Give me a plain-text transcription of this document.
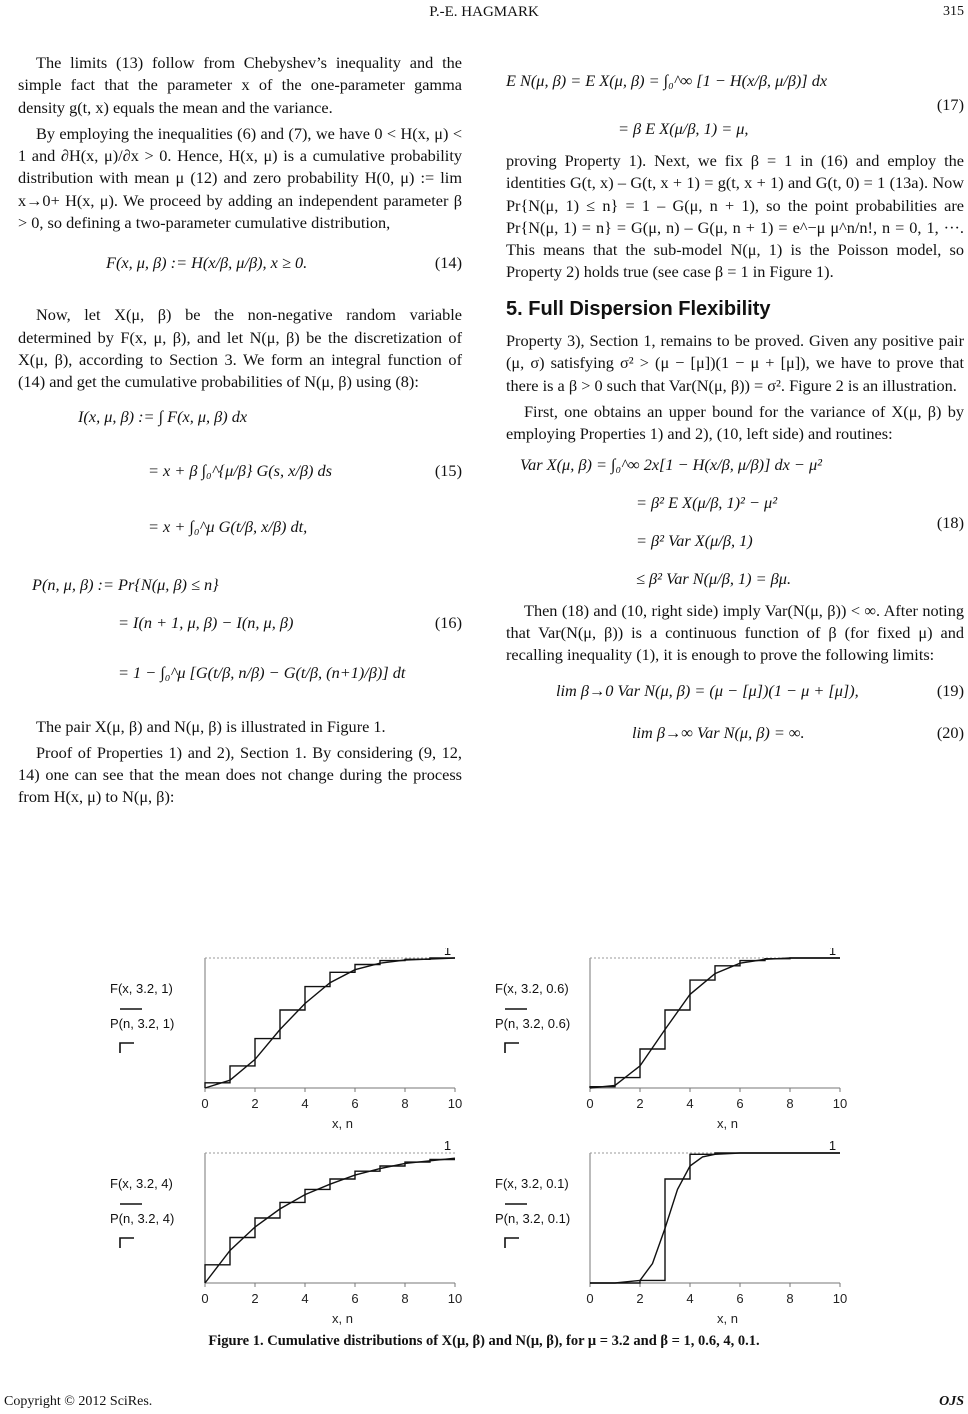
P.-E. HAGMARK	315

The limits (13) follow from Chebyshev’s inequality and the simple fact that the parameter x of the one-parameter gamma density g(t, x) equals the mean and the variance.

By employing the inequalities (6) and (7), we have 0 < H(x, μ) < 1 and ∂H(x, μ)/∂x > 0. Hence, H(x, μ) is a cumulative probability distribution with mean μ (12) and zero probability H(0, μ) := lim x→0+ H(x, μ). We proceed by adding an independent parameter β > 0, so defining a two-parameter cumulative distribution,

F(x, μ, β) := H(x/β, μ/β), x ≥ 0.	(14)

Now, let X(μ, β) be the non-negative random variable determined by F(x, μ, β), and let N(μ, β) be the discretization of X(μ, β), according to Section 3. We form an integral function of (14) and get the cumulative probabilities of N(μ, β) using (8):

I(x, μ, β) := ∫ F(x, μ, β) dx
= x + β ∫₀^{μ/β} G(s, x/β) ds
= x + ∫₀^μ G(t/β, x/β) dt,
(15)
P(n, μ, β) := Pr{N(μ, β) ≤ n}
= I(n + 1, μ, β) − I(n, μ, β)
= 1 − ∫₀^μ [G(t/β, n/β) − G(t/β, (n+1)/β)] dt
(16)

The pair X(μ, β) and N(μ, β) is illustrated in Figure 1.

Proof of Properties 1) and 2), Section 1. By considering (9, 12, 14) one can see that the mean does not change during the process from H(x, μ) to N(μ, β):

E N(μ, β) = E X(μ, β) = ∫₀^∞ [1 − H(x/β, μ/β)] dx
= β E X(μ/β, 1) = μ,
(17)

proving Property 1). Next, we fix β = 1 in (16) and employ the identities G(t, x) – G(t, x + 1) = g(t, x + 1) and G(t, 0) = 1 (13a). Now Pr{N(μ, 1) ≤ n} = 1 – G(μ, n + 1), so the point probabilities are Pr{N(μ, 1) = n} = G(μ, n) – G(μ, n + 1) = e^−μ μ^n/n!, n = 0, 1, ···. This means that the sub-model N(μ, 1) is the Poisson model, so Property 2) holds true (see case β = 1 in Figure 1).

5. Full Dispersion Flexibility

Property 3), Section 1, remains to be proved. Given any positive pair (μ, σ) satisfying σ² > (μ − [μ])(1 − μ + [μ]), we have to prove that there is a β > 0 such that Var(N(μ, β)) = σ². Figure 2 is an illustration.

First, one obtains an upper bound for the variance of X(μ, β) by employing Properties 1) and 2), (10, left side) and routines:

Var X(μ, β) = ∫₀^∞ 2x[1 − H(x/β, μ/β)] dx − μ²
= β² E X(μ/β, 1)² − μ²
= β² Var X(μ/β, 1)
≤ β² Var N(μ/β, 1) = βμ.
(18)

Then (18) and (10, right side) imply Var(N(μ, β)) < ∞. After noting that Var(N(μ, β)) is a continuous function of β (for fixed μ) and recalling inequality (1), it is enough to prove the following limits:

lim β→0 Var N(μ, β) = (μ − [μ])(1 − μ + [μ]),	(19)
lim β→∞ Var N(μ, β) = ∞.	(20)
1
0	2	4	6	8	10
x, n
F(x, 3.2, 1)
P(n, 3.2, 1)
1
0	2	4	6	8	10
x, n
F(x, 3.2, 0.6)
P(n, 3.2, 0.6)
1
0	2	4	6	8	10
x, n
F(x, 3.2, 4)
P(n, 3.2, 4)
1
0	2	4	6	8	10
x, n
F(x, 3.2, 0.1)
P(n, 3.2, 0.1)
Figure 1. Cumulative distributions of X(μ, β) and N(μ, β), for μ = 3.2 and β = 1, 0.6, 4, 0.1.
Copyright © 2012 SciRes.	OJS
